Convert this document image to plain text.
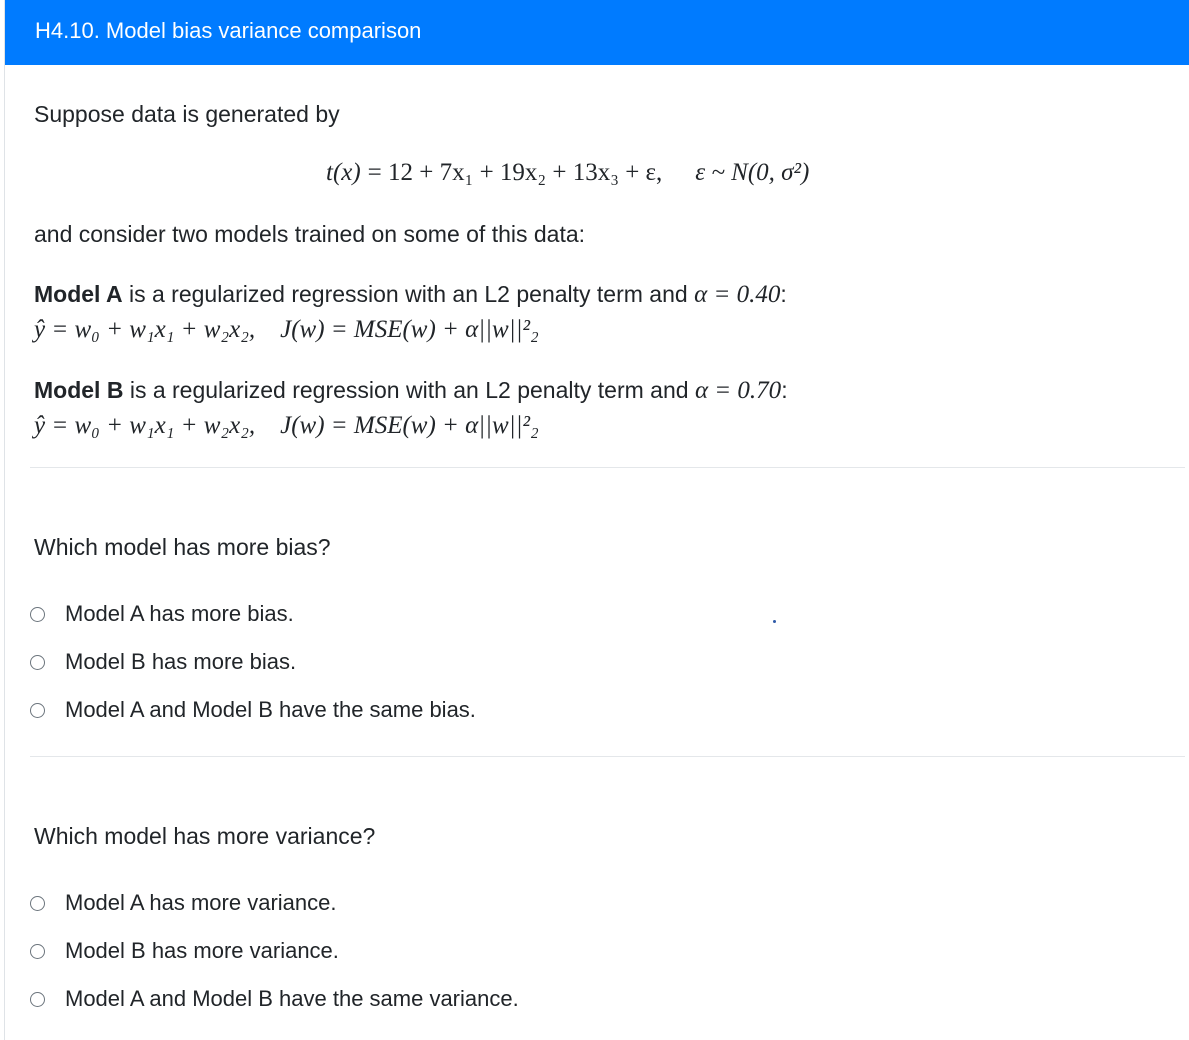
H4.10. Model bias variance comparison
Suppose data is generated by
t(x) = 12 + 7x₁ + 19x₂ + 13x₃ + ε, ε ~ N(0, σ²)
and consider two models trained on some of this data:
Model A is a regularized regression with an L2 penalty term and α = 0.40:
ŷ = w₀ + w₁x₁ + w₂x₂, J(w) = MSE(w) + α||w||²₂
Model B is a regularized regression with an L2 penalty term and α = 0.70:
ŷ = w₀ + w₁x₁ + w₂x₂, J(w) = MSE(w) + α||w||²₂
Which model has more bias?
Model A has more bias.
Model B has more bias.
Model A and Model B have the same bias.
Which model has more variance?
Model A has more variance.
Model B has more variance.
Model A and Model B have the same variance.
